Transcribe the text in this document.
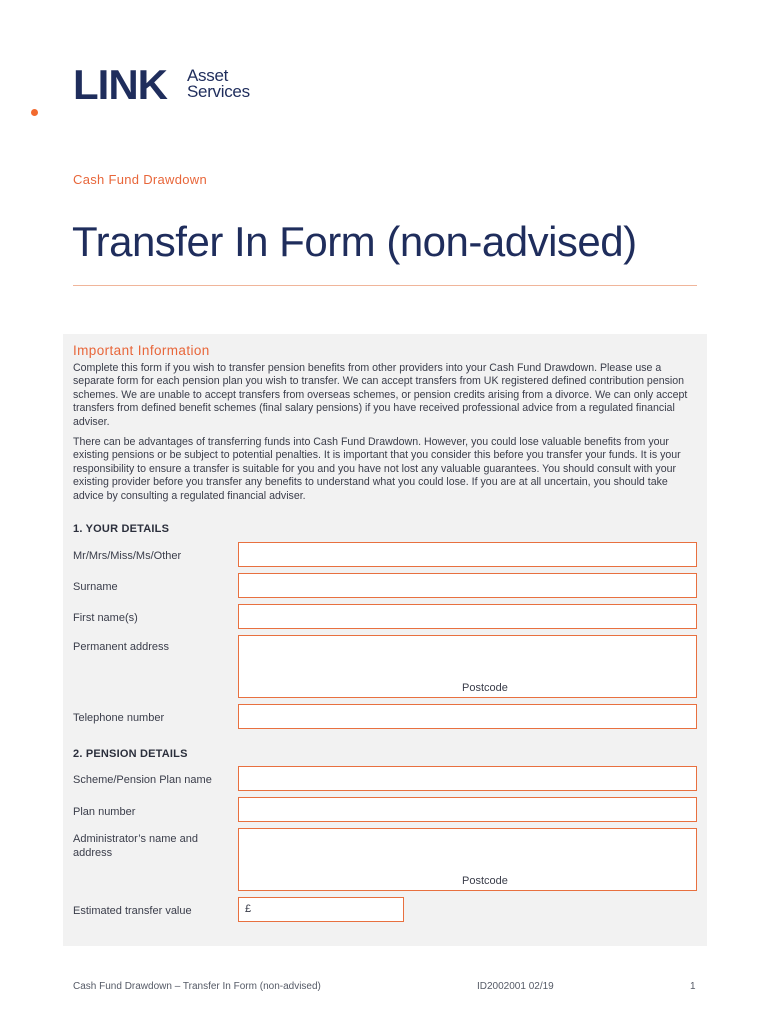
LINK Asset
Services
Cash Fund Drawdown
Transfer In Form (non-advised)
Important Information

Complete this form if you wish to transfer pension benefits from other providers into your Cash Fund Drawdown. Please use a separate form for each pension plan you wish to transfer. We can accept transfers from UK registered defined contribution pension schemes. We are unable to accept transfers from overseas schemes, or pension credits arising from a divorce. We can only accept transfers from defined benefit schemes (final salary pensions) if you have received professional advice from a regulated financial adviser.

There can be advantages of transferring funds into Cash Fund Drawdown. However, you could lose valuable benefits from your existing pensions or be subject to potential penalties. It is important that you consider this before you transfer your funds. It is your responsibility to ensure a transfer is suitable for you and you have not lost any valuable guarantees. You should consult with your existing provider before you transfer any benefits to understand what you could lose. If you are at all uncertain, you should take advice by consulting a regulated financial adviser.

1. YOUR DETAILS
Mr/Mrs/Miss/Ms/Other
Surname
First name(s)
Permanent address
Postcode
Telephone number
2. PENSION DETAILS
Scheme/Pension Plan name
Plan number
Administrator’s name and address
Postcode
Estimated transfer value	£
Cash Fund Drawdown – Transfer In Form (non-advised)	ID2002001 02/19	1
